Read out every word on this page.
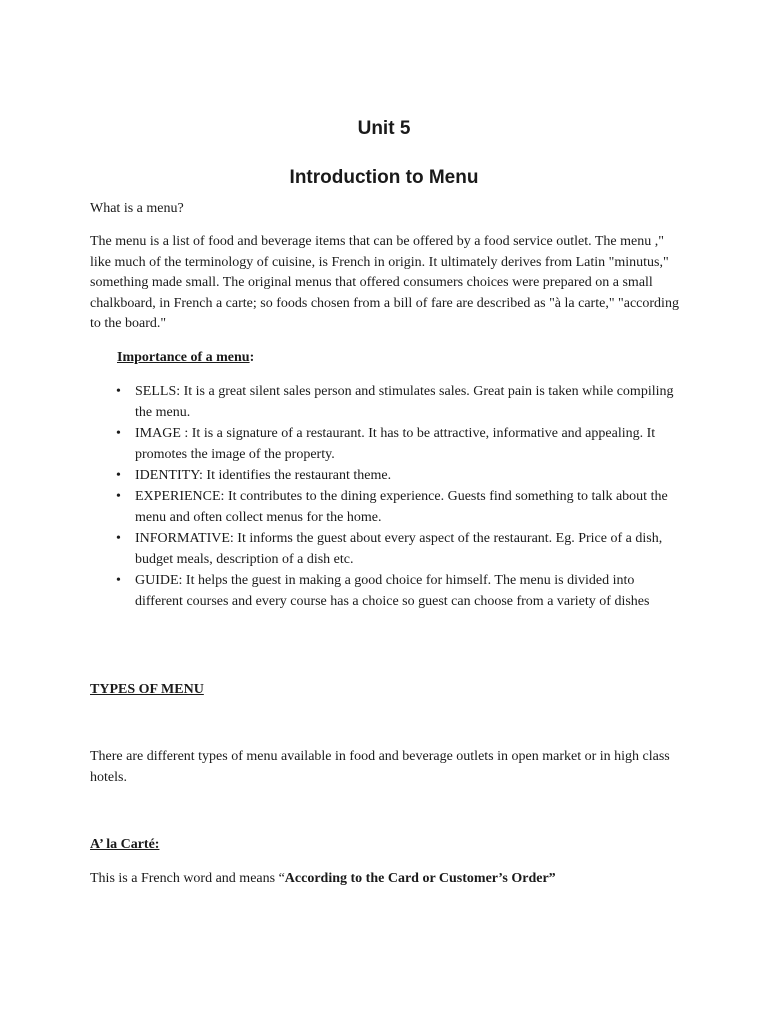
Unit 5
Introduction to Menu
What is a menu?
The menu is a list of food and beverage items that can be offered by a food service outlet. The menu ," like much of the terminology of cuisine, is French in origin. It ultimately derives from Latin "minutus," something made small. The original menus that offered consumers choices were prepared on a small chalkboard, in French a carte; so foods chosen from a bill of fare are described as "à la carte," "according to the board."
Importance of a menu:
• SELLS: It is a great silent sales person and stimulates sales. Great pain is taken while compiling the menu.
• IMAGE : It is a signature of a restaurant. It has to be attractive, informative and appealing. It promotes the image of the property.
• IDENTITY: It identifies the restaurant theme.
• EXPERIENCE: It contributes to the dining experience. Guests find something to talk about the menu and often collect menus for the home.
• INFORMATIVE: It informs the guest about every aspect of the restaurant. Eg. Price of a dish, budget meals, description of a dish etc.
• GUIDE: It helps the guest in making a good choice for himself. The menu is divided into different courses and every course has a choice so guest can choose from a variety of dishes
TYPES OF MENU
There are different types of menu available in food and beverage outlets in open market or in high class hotels.
A’ la Carté:
This is a French word and means “According to the Card or Customer’s Order”
